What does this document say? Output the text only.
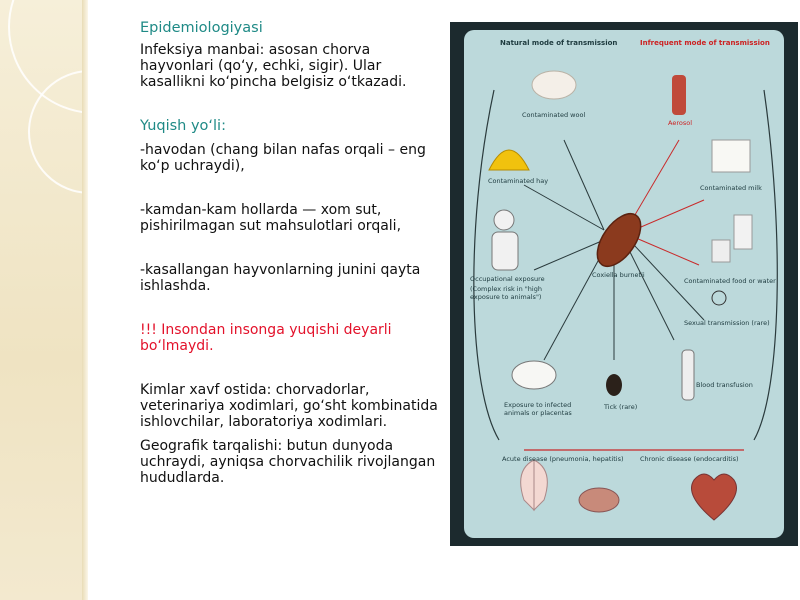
Epidemiologiyasi

Infeksiya manbai: asosan chorva hayvonlari (qo‘y, echki, sigir). Ular kasallikni ko‘pincha belgisiz o‘tkazadi.

Yuqish yo‘li:

-havodan (chang bilan nafas orqali – eng ko‘p uchraydi),

-kamdan-kam hollarda — xom sut, pishirilmagan sut mahsulotlari orqali,

-kasallangan hayvonlarning junini qayta ishlashda.

!!! Insondan insonga yuqishi deyarli bo‘lmaydi.

Kimlar xavf ostida: chorvadorlar, veterinariya xodimlari, go‘sht kombinatida ishlovchilar, laboratoriya xodimlari.

Geografik tarqalishi: butun dunyoda uchraydi, ayniqsa chorvachilik rivojlangan hududlarda.

Natural mode of transmission	Infrequent mode of transmission
Contaminated wool
Contaminated hay
Aerosol
Contaminated milk
Contaminated food or water
Coxiella burnetii
Occupational exposure
(Complex risk in "high exposure to animals")
Sexual transmission (rare)
Exposure to infected animals or placentas
Tick (rare)
Blood transfusion
Acute disease (pneumonia, hepatitis)	Chronic disease (endocarditis)
